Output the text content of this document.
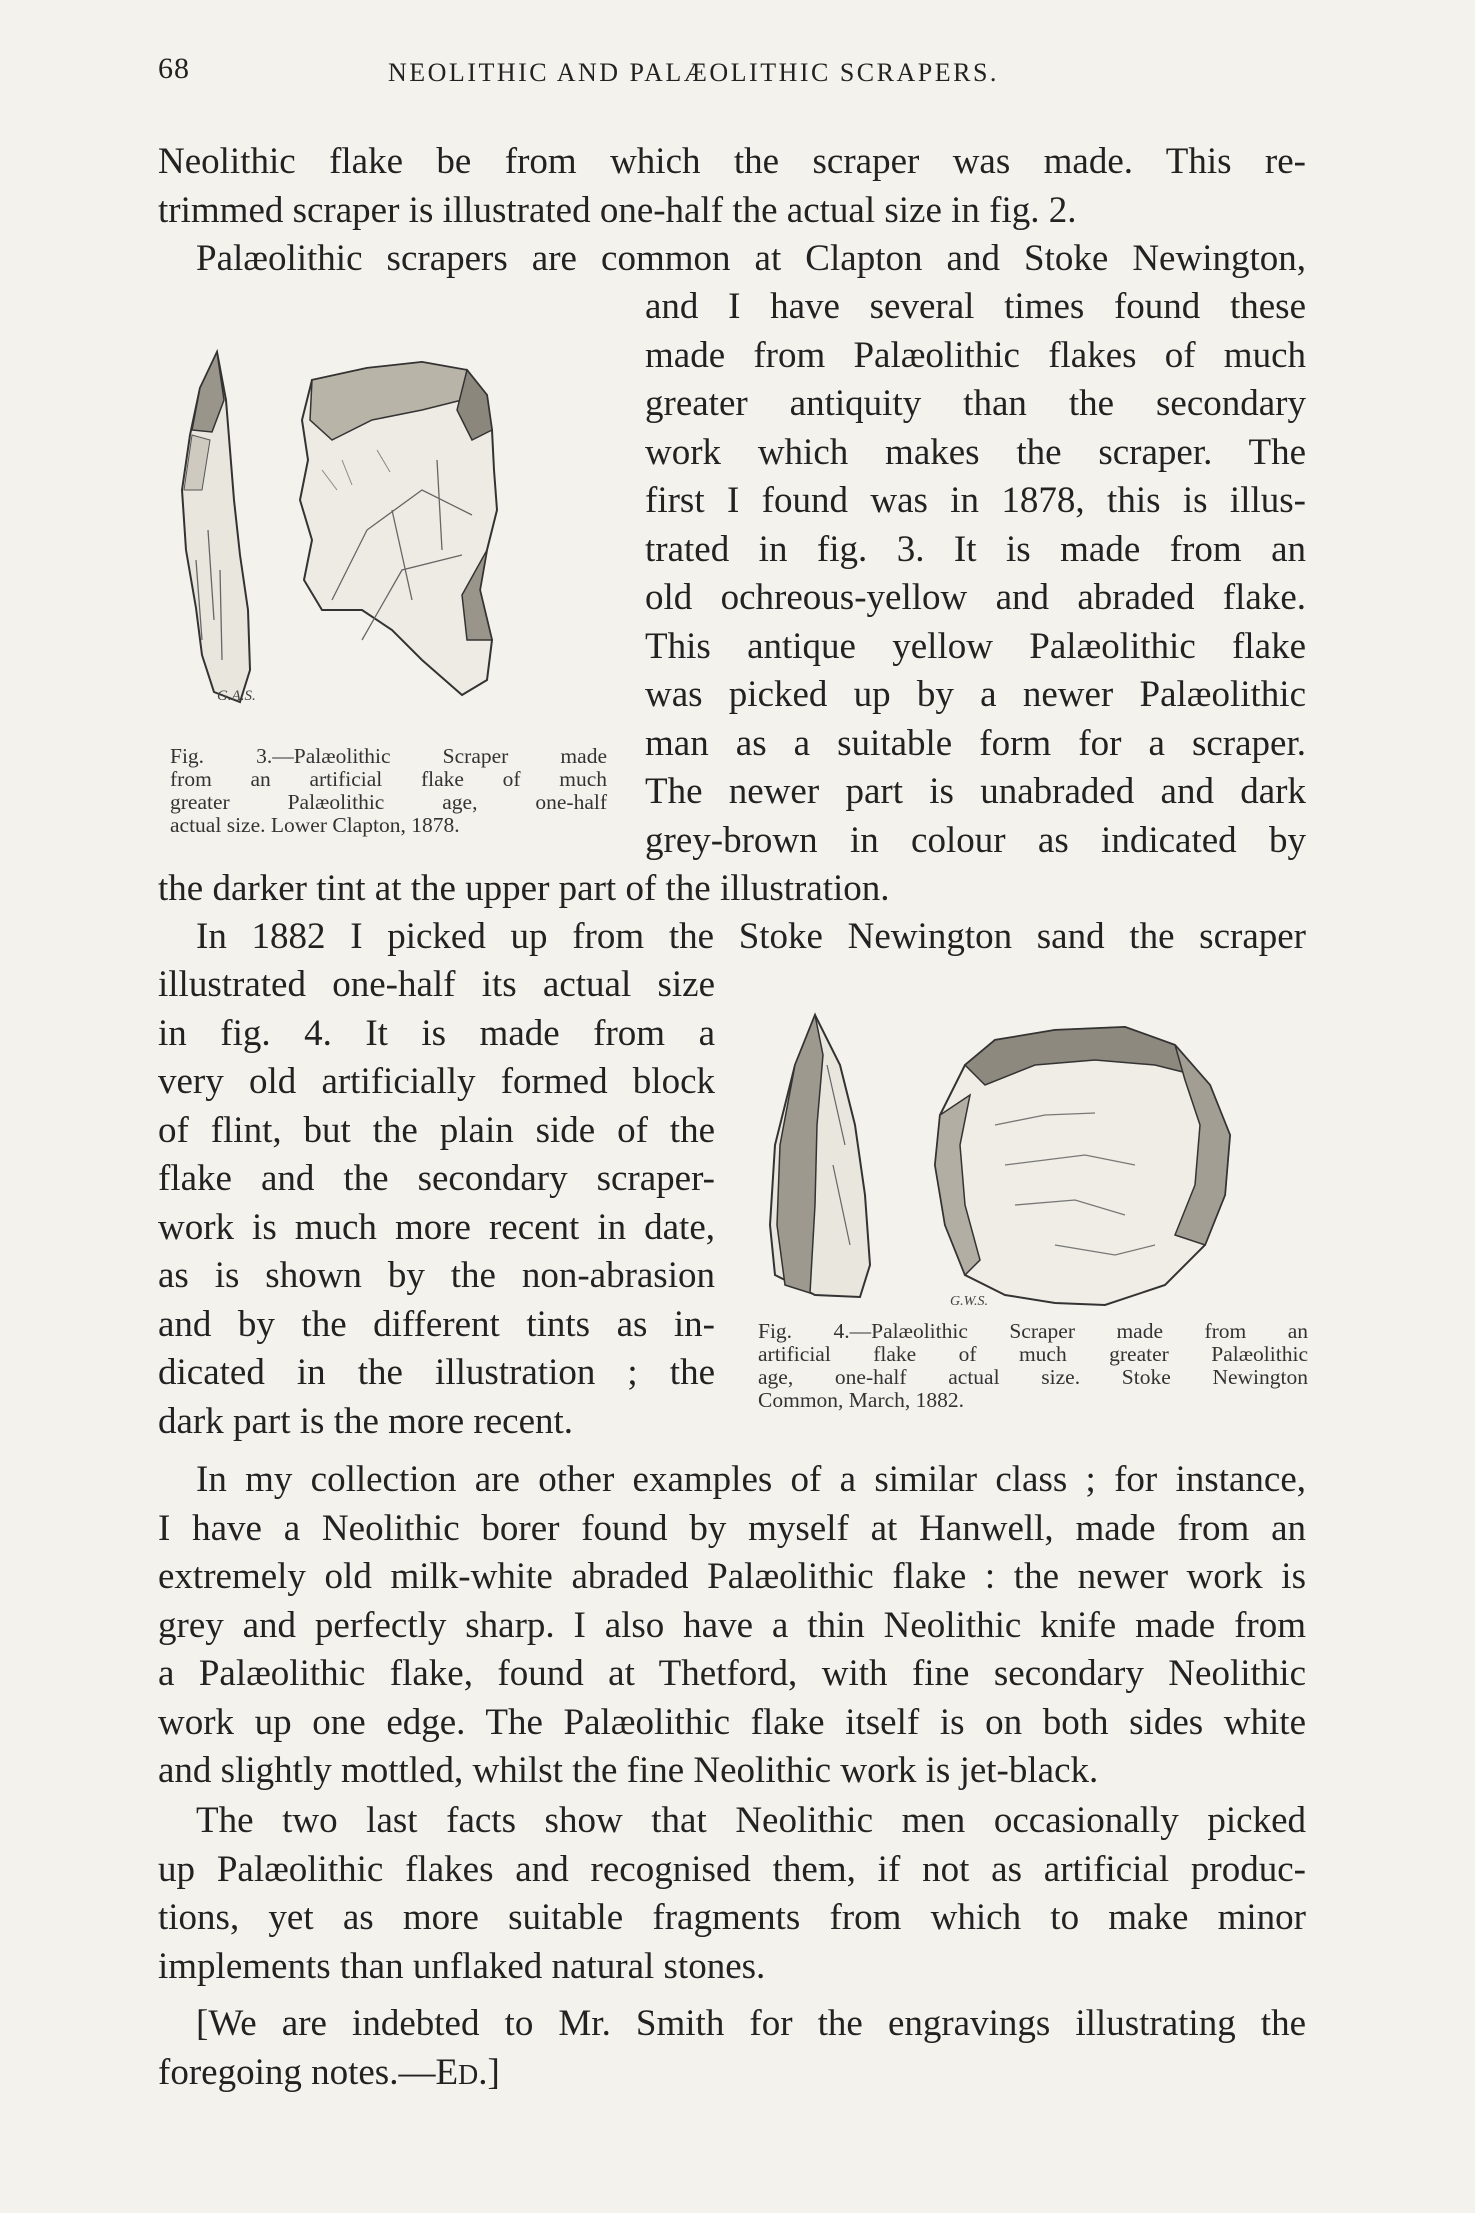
68	NEOLITHIC AND PALÆOLITHIC SCRAPERS.
Neolithic flake be from which the scraper was made. This re-
trimmed scraper is illustrated one-half the actual size in fig. 2.
Palæolithic scrapers are common at Clapton and Stoke Newington,
and I have several times found these
made from Palæolithic flakes of much
greater antiquity than the secondary
work which makes the scraper. The
first I found was in 1878, this is illus-
trated in fig. 3. It is made from an
old ochreous-yellow and abraded flake.
This antique yellow Palæolithic flake
was picked up by a newer Palæolithic
man as a suitable form for a scraper.
The newer part is unabraded and dark
grey-brown in colour as indicated by
the darker tint at the upper part of the illustration.
G.A.S.
Fig. 3.—Palæolithic Scraper made
from an artificial flake of much
greater Palæolithic age, one-half
actual size. Lower Clapton, 1878.
In 1882 I picked up from the Stoke Newington sand the scraper
illustrated one-half its actual size
in fig. 4. It is made from a
very old artificially formed block
of flint, but the plain side of the
flake and the secondary scraper-
work is much more recent in date,
as is shown by the non-abrasion
and by the different tints as in-
dicated in the illustration ; the
dark part is the more recent.
G.W.S.
Fig. 4.—Palæolithic Scraper made from an
artificial flake of much greater Palæolithic
age, one-half actual size. Stoke Newington
Common, March, 1882.
In my collection are other examples of a similar class ; for instance,
I have a Neolithic borer found by myself at Hanwell, made from an
extremely old milk-white abraded Palæolithic flake : the newer work is
grey and perfectly sharp. I also have a thin Neolithic knife made from
a Palæolithic flake, found at Thetford, with fine secondary Neolithic
work up one edge. The Palæolithic flake itself is on both sides white
and slightly mottled, whilst the fine Neolithic work is jet-black.
The two last facts show that Neolithic men occasionally picked
up Palæolithic flakes and recognised them, if not as artificial produc-
tions, yet as more suitable fragments from which to make minor
implements than unflaked natural stones.
[We are indebted to Mr. Smith for the engravings illustrating the
foregoing notes.—ED.]
